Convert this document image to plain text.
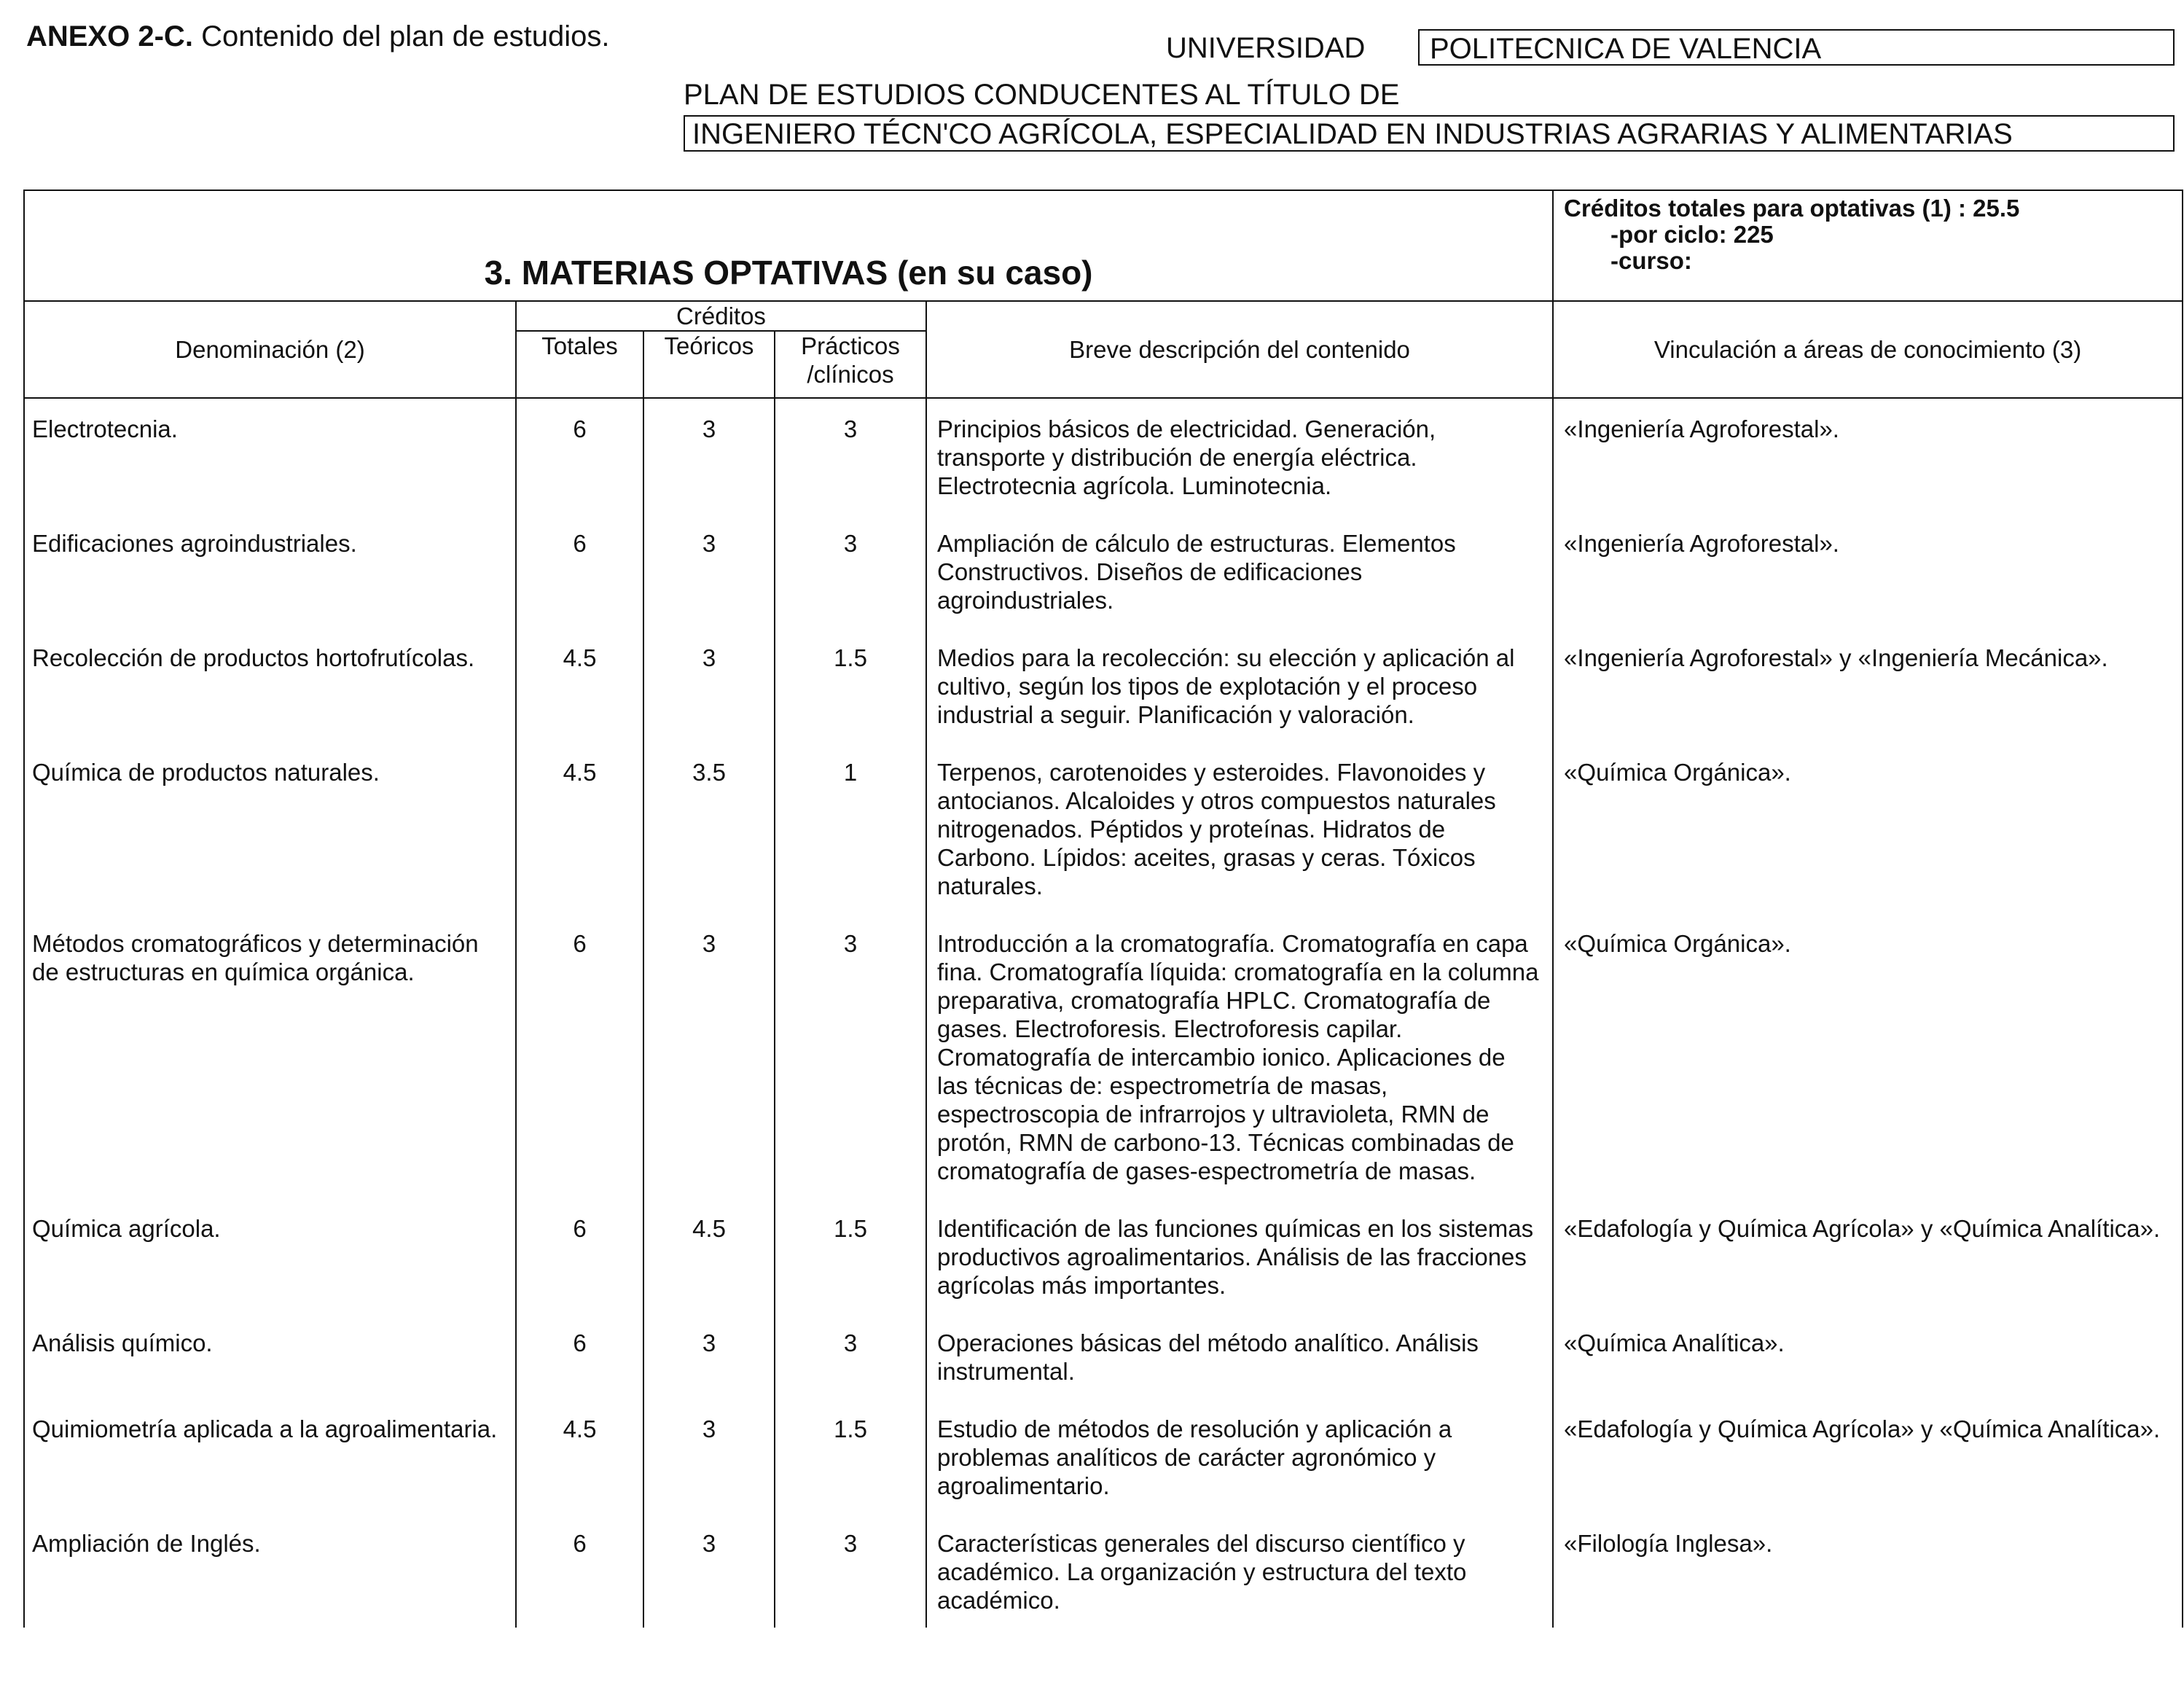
ANEXO 2-C. Contenido del plan de estudios.	UNIVERSIDAD	POLITECNICA DE VALENCIA
PLAN DE ESTUDIOS CONDUCENTES AL TÍTULO DE
INGENIERO TÉCN'CO AGRÍCOLA, ESPECIALIDAD EN INDUSTRIAS AGRARIAS Y ALIMENTARIAS
3. MATERIAS OPTATIVAS (en su caso)					Créditos totales para optativas (1) : 25.5
-por ciclo: 225
-curso:

Denominación (2)	Créditos			Breve descripción del contenido	Vinculación a áreas de conocimiento (3)
	Totales	Teóricos	Prácticos /clínicos		
Electrotecnia.	6	3	3	Principios básicos de electricidad. Generación, transporte y distribución de energía eléctrica. Electrotecnia agrícola. Luminotecnia.	«Ingeniería Agroforestal».
Edificaciones agroindustriales.	6	3	3	Ampliación de cálculo de estructuras. Elementos Constructivos. Diseños de edificaciones agroindustriales.	«Ingeniería Agroforestal».
Recolección de productos hortofrutícolas.	4.5	3	1.5	Medios para la recolección: su elección y aplicación al cultivo, según los tipos de explotación y el proceso industrial a seguir. Planificación y valoración.	«Ingeniería Agroforestal» y «Ingeniería Mecánica».
Química de productos naturales.	4.5	3.5	1	Terpenos, carotenoides y esteroides. Flavonoides y antocianos. Alcaloides y otros compuestos naturales nitrogenados. Péptidos y proteínas. Hidratos de Carbono. Lípidos: aceites, grasas y ceras. Tóxicos naturales.	«Química Orgánica».
Métodos cromatográficos y determinación de estructuras en química orgánica.	6	3	3	Introducción a la cromatografía. Cromatografía en capa fina. Cromatografía líquida: cromatografía en la columna preparativa, cromatografía HPLC. Cromatografía de gases. Electroforesis. Electroforesis capilar. Cromatografía de intercambio ionico. Aplicaciones de las técnicas de: espectrometría de masas, espectroscopia de infrarrojos y ultravioleta, RMN de protón, RMN de carbono-13. Técnicas combinadas de cromatografía de gases-espectrometría de masas.	«Química Orgánica».
Química agrícola.	6	4.5	1.5	Identificación de las funciones químicas en los sistemas productivos agroalimentarios. Análisis de las fracciones agrícolas más importantes.	«Edafología y Química Agrícola» y «Química Analítica».
Análisis químico.	6	3	3	Operaciones básicas del método analítico. Análisis instrumental.	«Química Analítica».
Quimiometría aplicada a la agroalimentaria.	4.5	3	1.5	Estudio de métodos de resolución y aplicación a problemas analíticos de carácter agronómico y agroalimentario.	«Edafología y Química Agrícola» y «Química Analítica».
Ampliación de Inglés.	6	3	3	Características generales del discurso científico y académico. La organización y estructura del texto académico.	«Filología Inglesa».
